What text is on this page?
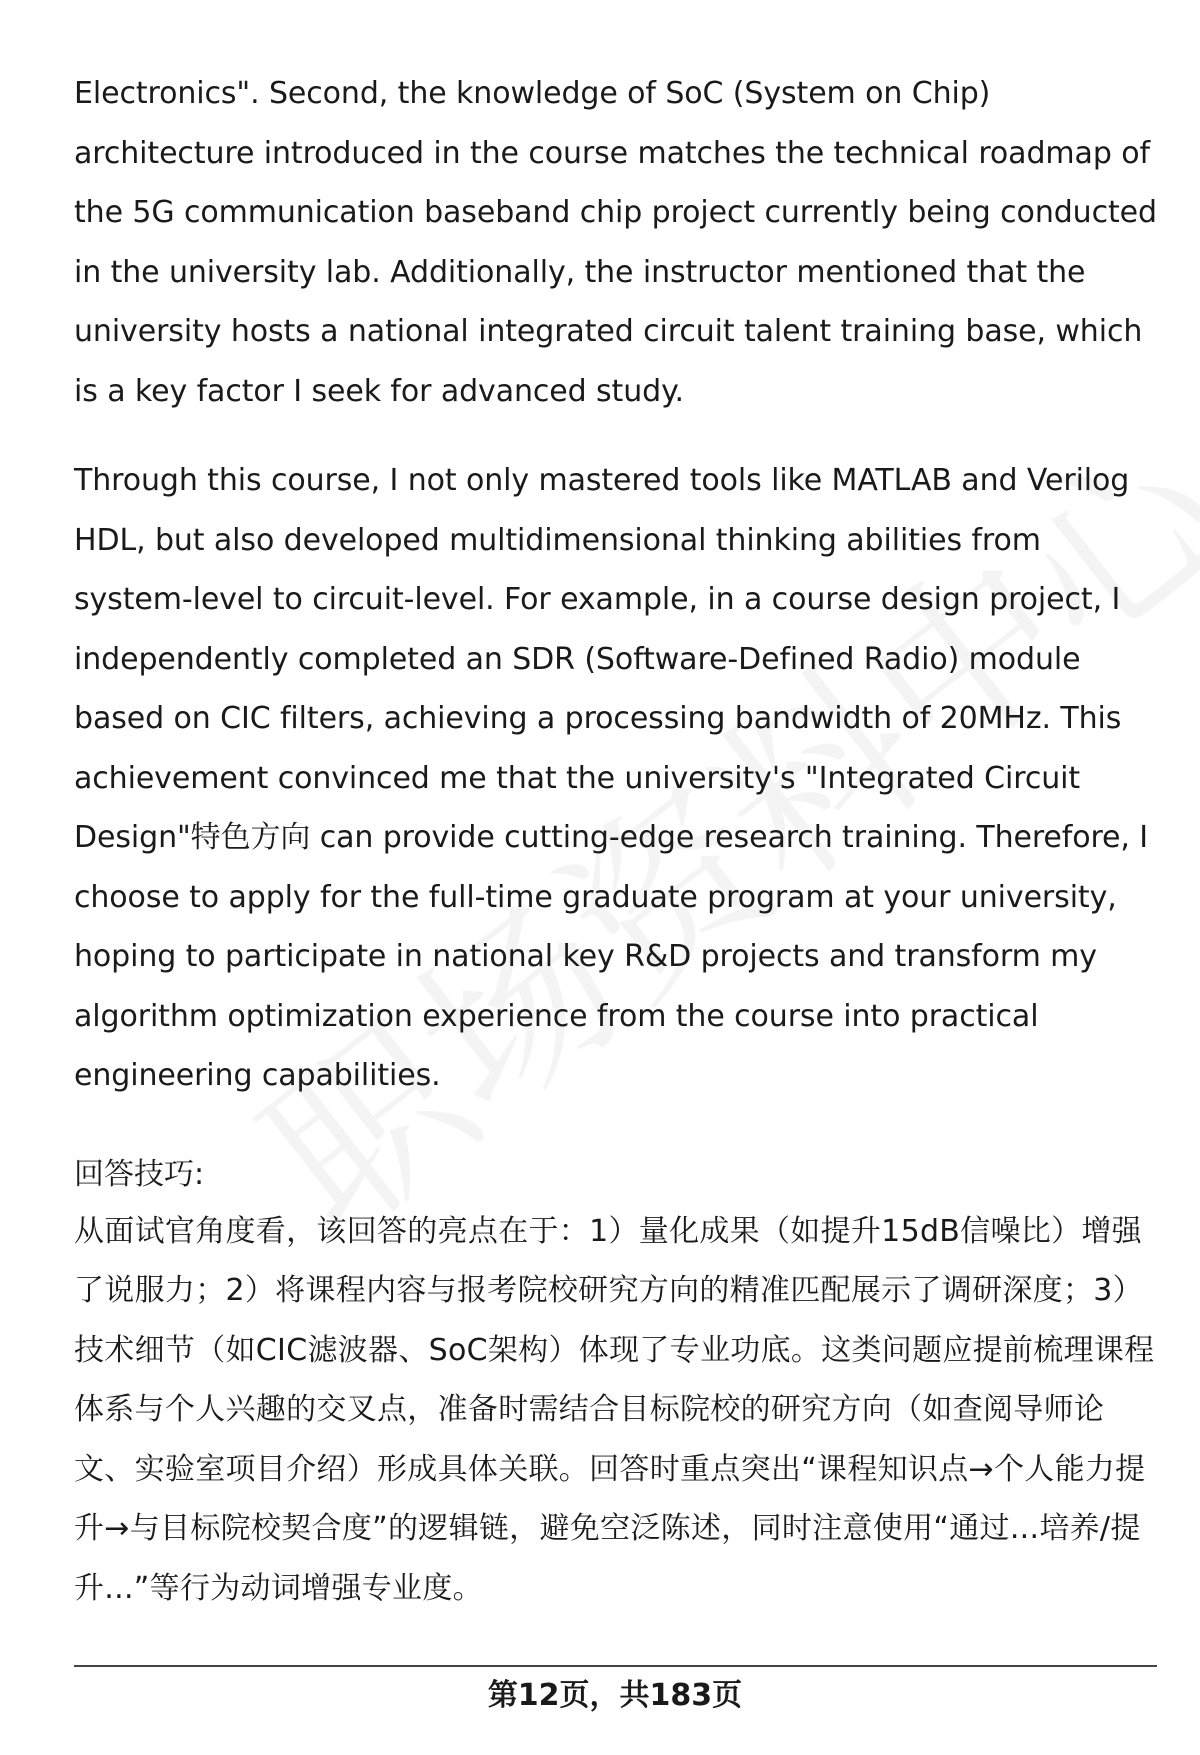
Electronics". Second, the knowledge of SoC (System on Chip) architecture introduced in the course matches the technical roadmap of the 5G communication baseband chip project currently being conducted in the university lab. Additionally, the instructor mentioned that the university hosts a national integrated circuit talent training base, which is a key factor I seek for advanced study.

Through this course, I not only mastered tools like MATLAB and Verilog HDL, but also developed multidimensional thinking abilities from system-level to circuit-level. For example, in a course design project, I independently completed an SDR (Software-Defined Radio) module based on CIC filters, achieving a processing bandwidth of 20MHz. This achievement convinced me that the university's "Integrated Circuit Design"特色方向 can provide cutting-edge research training. Therefore, I choose to apply for the full-time graduate program at your university, hoping to participate in national key R&D projects and transform my algorithm optimization experience from the course into practical engineering capabilities.

回答技巧:

从面试官角度看，该回答的亮点在于：1）量化成果（如提升15dB信噪比）增强了说服力；2）将课程内容与报考院校研究方向的精准匹配展示了调研深度；3）技术细节（如CIC滤波器、SoC架构）体现了专业功底。这类问题应提前梳理课程体系与个人兴趣的交叉点，准备时需结合目标院校的研究方向（如查阅导师论文、实验室项目介绍）形成具体关联。回答时重点突出“课程知识点→个人能力提升→与目标院校契合度”的逻辑链，避免空泛陈述，同时注意使用“通过...培养/提升...”等行为动词增强专业度。

第12页，共183页
